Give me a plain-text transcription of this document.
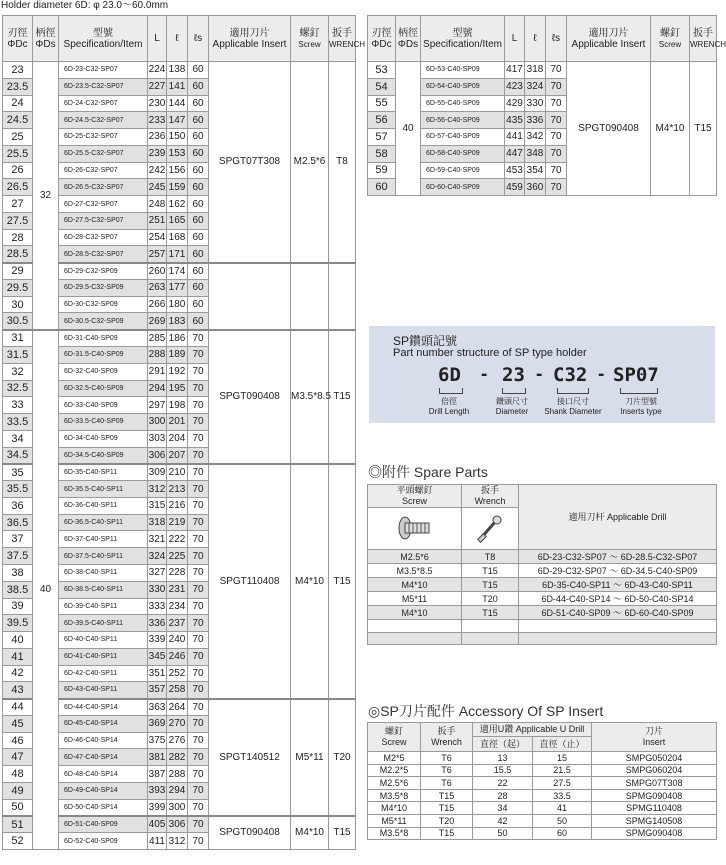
Holder diameter 6D: φ 23.0～60.0mm
刃徑
ΦDc	柄徑
ΦDs	型號
Specification/Item	L	ℓ	ℓs	適用刀片
Applicable Insert	螺釘
Screw	扳手
WRENCH
23	32	6D-23-C32-SP07	224	138	60	SPGT07T308	M2.5*6	T8
23.5		6D-23.5-C32-SP07	227	141	60			
24		6D-24-C32-SP07	230	144	60			
24.5		6D-24.5-C32-SP07	233	147	60			
25		6D-25-C32-SP07	236	150	60			
25.5		6D-25.5-C32-SP07	239	153	60			
26		6D-26-C32-SP07	242	156	60			
26.5		6D-26.5-C32-SP07	245	159	60			
27		6D-27-C32-SP07	248	162	60			
27.5		6D-27.5-C32-SP07	251	165	60			
28		6D-28-C32-SP07	254	168	60			
28.5		6D-28.5-C32-SP07	257	171	60			
29		6D-29-C32-SP09	260	174	60			
29.5		6D-29.5-C32-SP09	263	177	60			
30		6D-30-C32-SP09	266	180	60			
30.5		6D-30.5-C32-SP09	269	183	60			
31	40	6D-31-C40-SP09	285	186	70	SPGT090408	M3.5*8.5	T15
31.5		6D-31.5-C40-SP09	288	189	70			
32		6D-32-C40-SP09	291	192	70			
32.5		6D-32.5-C40-SP09	294	195	70			
33		6D-33-C40-SP09	297	198	70			
33.5		6D-33.5-C40-SP09	300	201	70			
34		6D-34-C40-SP09	303	204	70			
34.5		6D-34.5-C40-SP09	306	207	70			
35		6D-35-C40-SP11	309	210	70	SPGT110408	M4*10	T15
35.5		6D-35.5-C40-SP11	312	213	70			
36		6D-36-C40-SP11	315	216	70			
36.5		6D-36.5-C40-SP11	318	219	70			
37		6D-37-C40-SP11	321	222	70			
37.5		6D-37.5-C40-SP11	324	225	70			
38		6D-38-C40-SP11	327	228	70			
38.5		6D-38.5-C40-SP11	330	231	70			
39		6D-39-C40-SP11	333	234	70			
39.5		6D-39.5-C40-SP11	336	237	70			
40		6D-40-C40-SP11	339	240	70			
41		6D-41-C40-SP11	345	246	70			
42		6D-42-C40-SP11	351	252	70			
43		6D-43-C40-SP11	357	258	70			
44		6D-44-C40-SP14	363	264	70	SPGT140512	M5*11	T20
45		6D-45-C40-SP14	369	270	70			
46		6D-46-C40-SP14	375	276	70			
47		6D-47-C40-SP14	381	282	70			
48		6D-48-C40-SP14	387	288	70			
49		6D-49-C40-SP14	393	294	70			
50		6D-50-C40-SP14	399	300	70			
51		6D-51-C40-SP09	405	306	70	SPGT090408	M4*10	T15
52		6D-52-C40-SP09	411	312	70			
刃徑
ΦDc	柄徑
ΦDs	型號
Specification/Item	L	ℓ	ℓs	適用刀片
Applicable Insert	螺釘
Screw	扳手
WRENCH
53	40	6D-53-C40-SP09	417	318	70	SPGT090408	M4*10	T15
54		6D-54-C40-SP09	423	324	70			
55		6D-55-C40-SP09	429	330	70			
56		6D-56-C40-SP09	435	336	70			
57		6D-57-C40-SP09	441	342	70			
58		6D-58-C40-SP09	447	348	70			
59		6D-59-C40-SP09	453	354	70			
60		6D-60-C40-SP09	459	360	70			
SP鑽頭記號
Part number structure of SP type holder
6D - 23 - C32 - SP07
倍徑
Drill Length
鑽頭尺寸
Diameter
接口尺寸
Shank Diameter
刀片型號
Inserts type
◎附件 Spare Parts
平頭螺釘
Screw	扳手
Wrench	適用刀杆 Applicable Drill

M2.5*6	T8	6D-23-C32-SP07 ～ 6D-28.5-C32-SP07
M3.5*8.5	T15	6D-29-C32-SP07 ～ 6D-34.5-C40-SP09
M4*10	T15	6D-35-C40-SP11 ～ 6D-43-C40-SP11
M5*11	T20	6D-44-C40-SP14 ～ 6D-50-C40-SP14
M4*10	T15	6D-51-C40-SP09 ～ 6D-60-C40-SP09

◎SP刀片配件 Accessory Of SP Insert
螺釘
Screw	扳手
Wrench	適用U鑽 Applicable U Drill		刀片
Insert
		直徑（起）	直徑（止）	
M2*5	T6	13	15	SMPG050204
M2.2*5	T6	15.5	21.5	SMPG060204
M2.5*6	T6	22	27.5	SMPG07T308
M3.5*8	T15	28	33.5	SPMG090408
M4*10	T15	34	41	SPMG110408
M5*11	T20	42	50	SPMG140508
M3.5*8	T15	50	60	SPMG090408
